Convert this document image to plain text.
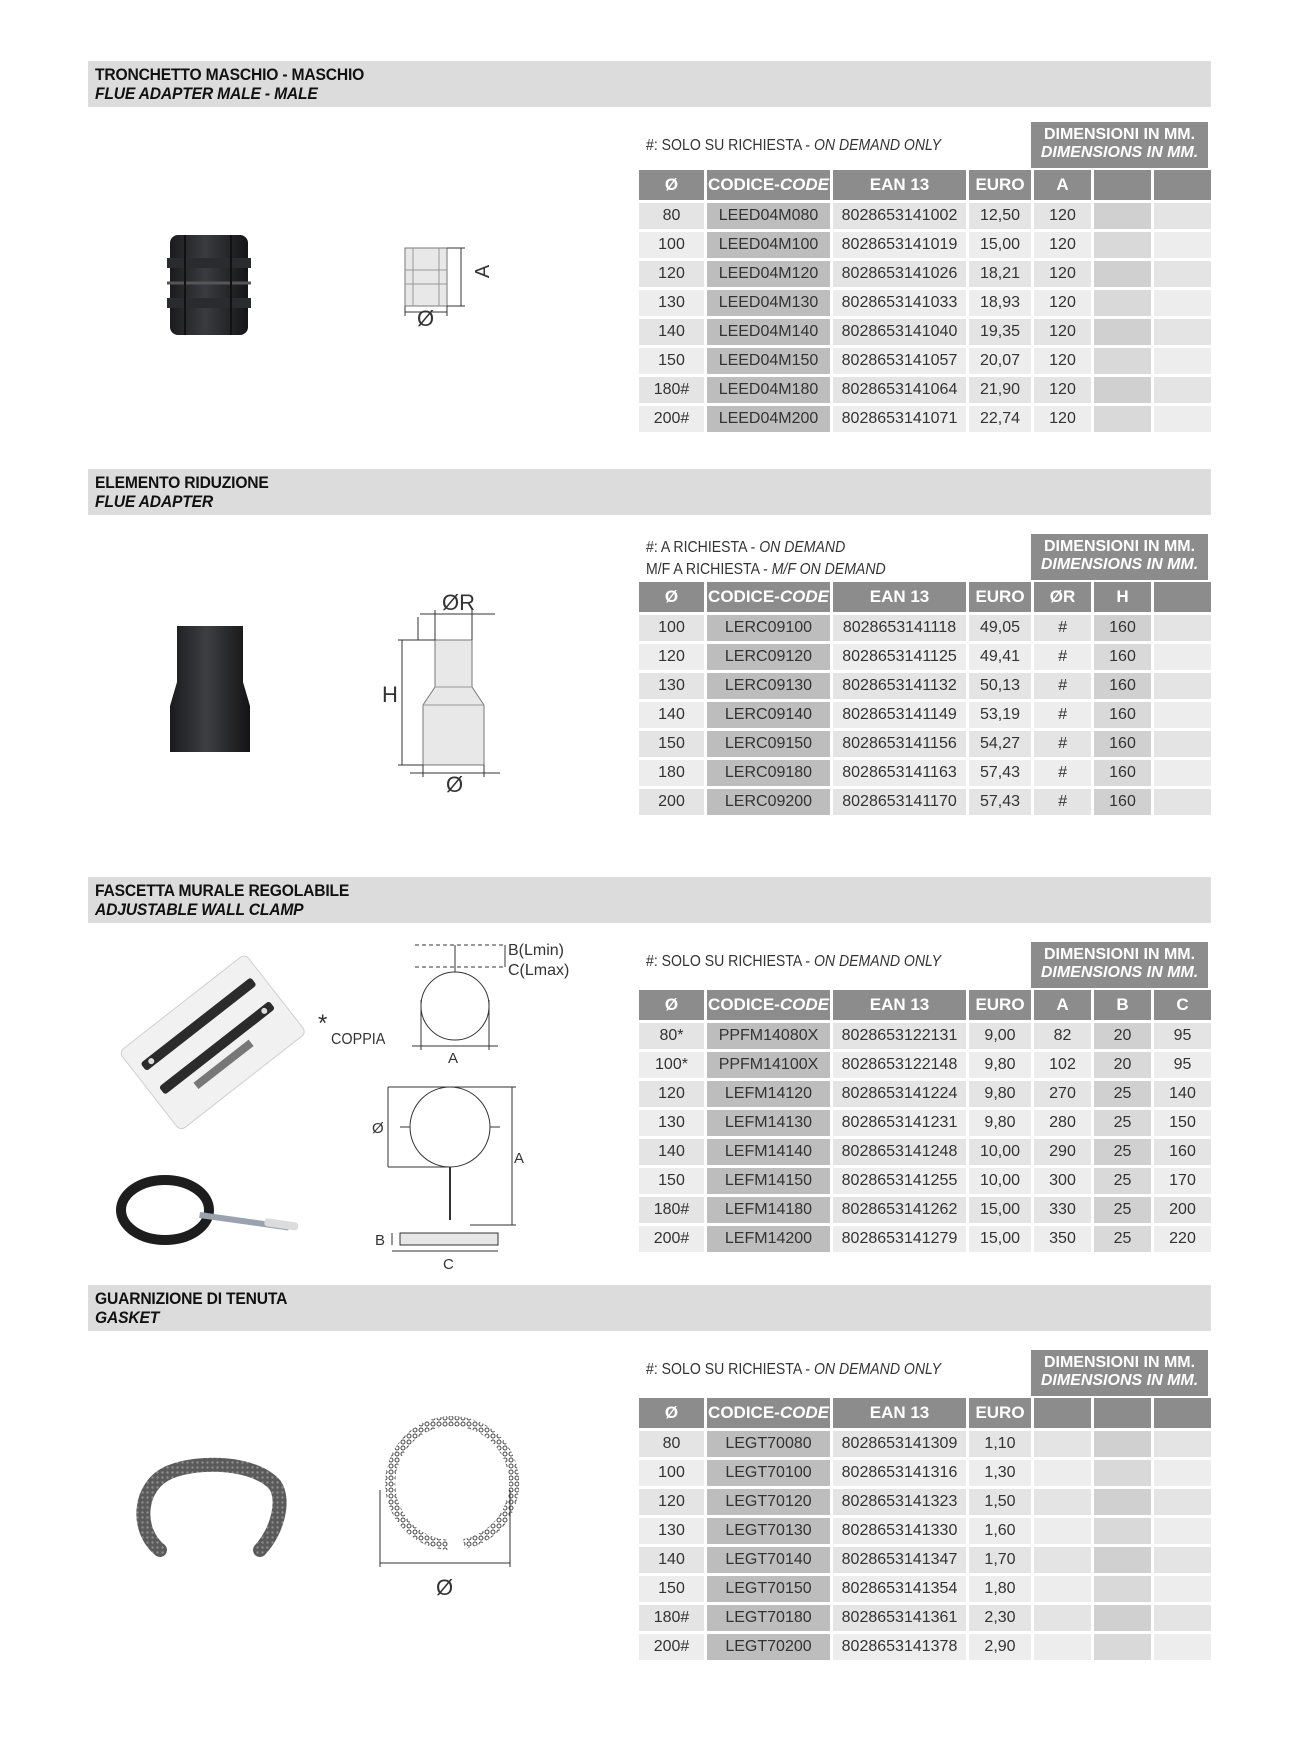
TRONCHETTO MASCHIO - MASCHIO
FLUE ADAPTER MALE - MALE
A
Ø
#: SOLO SU RICHIESTA - ON DEMAND ONLY
DIMENSIONI IN MM.
DIMENSIONS IN MM.
Ø	CODICE-CODE	EAN 13	EURO	A		
80	LEED04M080	8028653141002	12,50	120		
100	LEED04M100	8028653141019	15,00	120		
120	LEED04M120	8028653141026	18,21	120		
130	LEED04M130	8028653141033	18,93	120		
140	LEED04M140	8028653141040	19,35	120		
150	LEED04M150	8028653141057	20,07	120		
180#	LEED04M180	8028653141064	21,90	120		
200#	LEED04M200	8028653141071	22,74	120		
ELEMENTO RIDUZIONE
FLUE ADAPTER
ØR
H
Ø
#: A RICHIESTA - ON DEMAND
M/F A RICHIESTA - M/F ON DEMAND
DIMENSIONI IN MM.
DIMENSIONS IN MM.
Ø	CODICE-CODE	EAN 13	EURO	ØR	H	
100	LERC09100	8028653141118	49,05	#	160	
120	LERC09120	8028653141125	49,41	#	160	
130	LERC09130	8028653141132	50,13	#	160	
140	LERC09140	8028653141149	53,19	#	160	
150	LERC09150	8028653141156	54,27	#	160	
180	LERC09180	8028653141163	57,43	#	160	
200	LERC09200	8028653141170	57,43	#	160	
FASCETTA MURALE REGOLABILE
ADJUSTABLE WALL CLAMP
*
COPPIA
B(Lmin)
C(Lmax)
A
Ø
A
B
C
#: SOLO SU RICHIESTA - ON DEMAND ONLY	DIMENSIONI IN MM.
DIMENSIONS IN MM.
Ø	CODICE-CODE	EAN 13	EURO	A	B	C
80*	PPFM14080X	8028653122131	9,00	82	20	95
100*	PPFM14100X	8028653122148	9,80	102	20	95
120	LEFM14120	8028653141224	9,80	270	25	140
130	LEFM14130	8028653141231	9,80	280	25	150
140	LEFM14140	8028653141248	10,00	290	25	160
150	LEFM14150	8028653141255	10,00	300	25	170
180#	LEFM14180	8028653141262	15,00	330	25	200
200#	LEFM14200	8028653141279	15,00	350	25	220
GUARNIZIONE DI TENUTA
GASKET
Ø
#: SOLO SU RICHIESTA - ON DEMAND ONLY	DIMENSIONI IN MM.
DIMENSIONS IN MM.
Ø	CODICE-CODE	EAN 13	EURO			
80	LEGT70080	8028653141309	1,10			
100	LEGT70100	8028653141316	1,30			
120	LEGT70120	8028653141323	1,50			
130	LEGT70130	8028653141330	1,60			
140	LEGT70140	8028653141347	1,70			
150	LEGT70150	8028653141354	1,80			
180#	LEGT70180	8028653141361	2,30			
200#	LEGT70200	8028653141378	2,90			
